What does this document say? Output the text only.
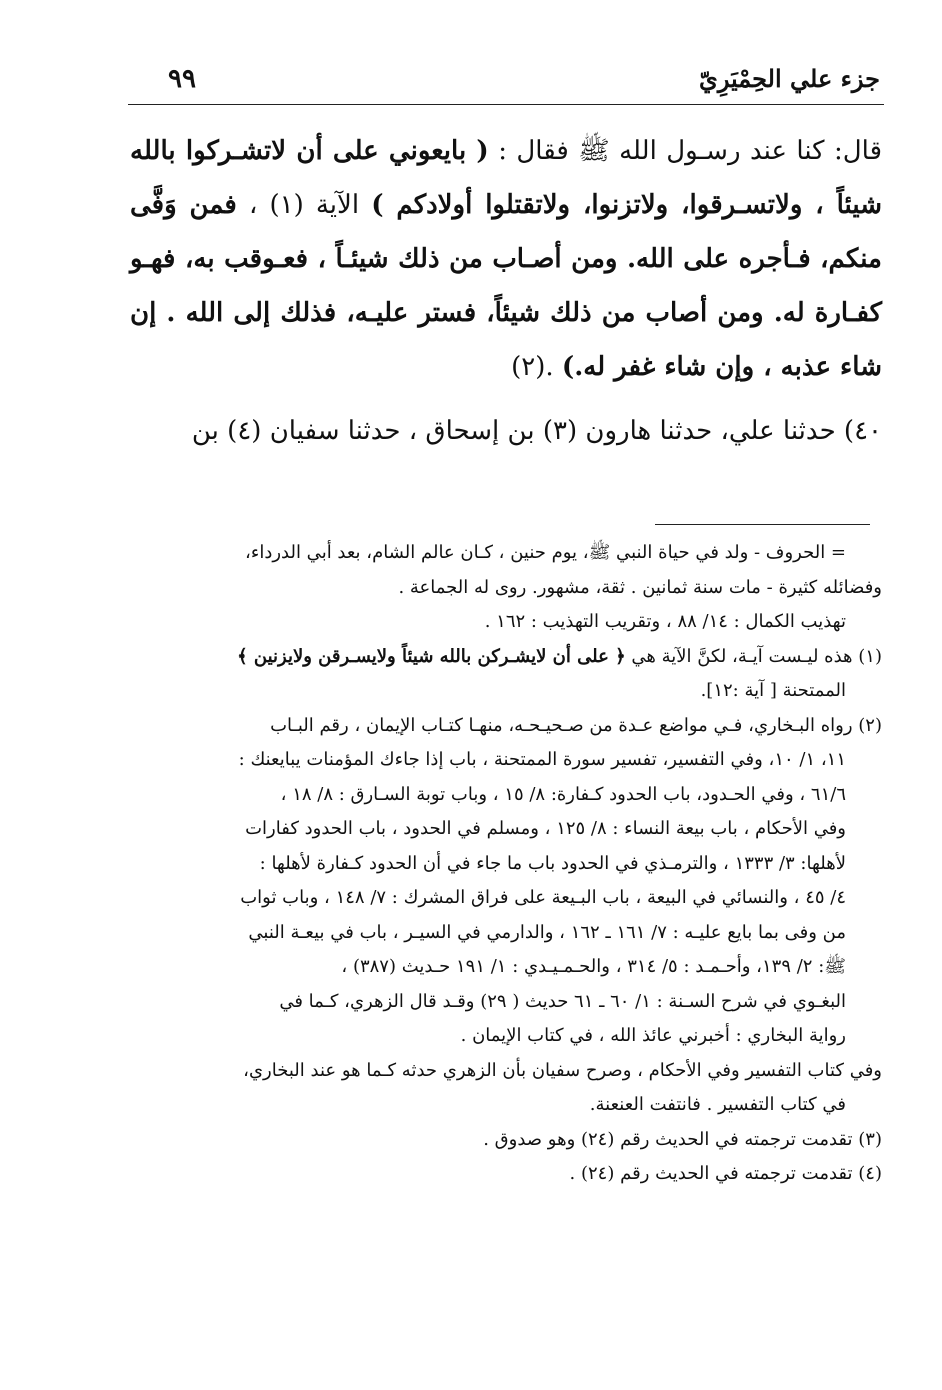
جزء علي الحِمْيَرِيّ
٩٩

قال: كنا عند رسـول الله ﷺ فقال : ( بايعوني على أن لاتشـركوا بالله شيئاً ، ولاتسـرقوا، ولاتزنوا، ولاتقتلوا أولادكم ) الآية (١) ، فمن وَفَّى منكم، فـأجره على الله. ومن أصـاب من ذلك شيئـاً ، فعـوقب به، فهـو كفـارة له. ومن أصاب من ذلك شيئاً، فستر عليـه، فذلك إلى الله . إن شاء عذبه ، وإن شاء غفر له.) .(٢)

٤٠) حدثنا علي، حدثنا هارون (٣) بن إسحاق ، حدثنا سفيان (٤) بن

= الحروف - ولد في حياة النبي ﷺ، يوم حنين ، كـان عالم الشام، بعد أبي الدرداء،

وفضائله كثيرة - مات سنة ثمانين . ثقة، مشهور. روى له الجماعة .

تهذيب الكمال : ١٤/ ٨٨ ، وتقريب التهذيب : ١٦٢ .

(١) هذه ليـست آيـة، لكنَّ الآية هي ﴿ على أن لايشـركن بالله شيئاً ولايسـرقن ولايزنين ﴾

الممتحنة [ آية :١٢].

(٢) رواه البـخاري، فـي مواضع عـدة من صـحيـحـه، منهـا كتـاب الإيمان ، رقم البـاب

١١، ١/ ١٠، وفي التفسير، تفسير سورة الممتحنة ، باب إذا جاءك المؤمنات يبايعنك :

٦١/٦ ، وفي الحـدود، باب الحدود كـفارة: ٨/ ١٥ ، وباب توبة السـارق : ٨/ ١٨ ،

وفي الأحكام ، باب بيعة النساء : ٨/ ١٢٥ ، ومسلم في الحدود ، باب الحدود كفارات

لأهلها: ٣/ ١٣٣٣ ، والترمـذي في الحدود باب ما جاء في أن الحدود كـفارة لأهلها :

٤/ ٤٥ ، والنسائي في البيعة ، باب البـيعة على فراق المشرك : ٧/ ١٤٨ ، وباب ثواب

من وفى بما بايع عليـه : ٧/ ١٦١ ـ ١٦٢ ، والدارمي في السيـر ، باب في بيعـة النبي

ﷺ: ٢/ ١٣٩، وأحـمـد : ٥/ ٣١٤ ، والحـمـيـدي : ١/ ١٩١ حـديث (٣٨٧) ،

البغـوي في شرح السـنة : ١/ ٦٠ ـ ٦١ حديث ( ٢٩) وقـد قال الزهري، كـما في

رواية البخاري : أخبرني عائذ الله ، في كتاب الإيمان .

وفي كتاب التفسير وفي الأحكام ، وصرح سفيان بأن الزهري حدثه كـما هو عند البخاري،

في كتاب التفسير . فانتفت العنعنة.

(٣) تقدمت ترجمته في الحديث رقم (٢٤) وهو صدوق .

(٤) تقدمت ترجمته في الحديث رقم (٢٤) .
